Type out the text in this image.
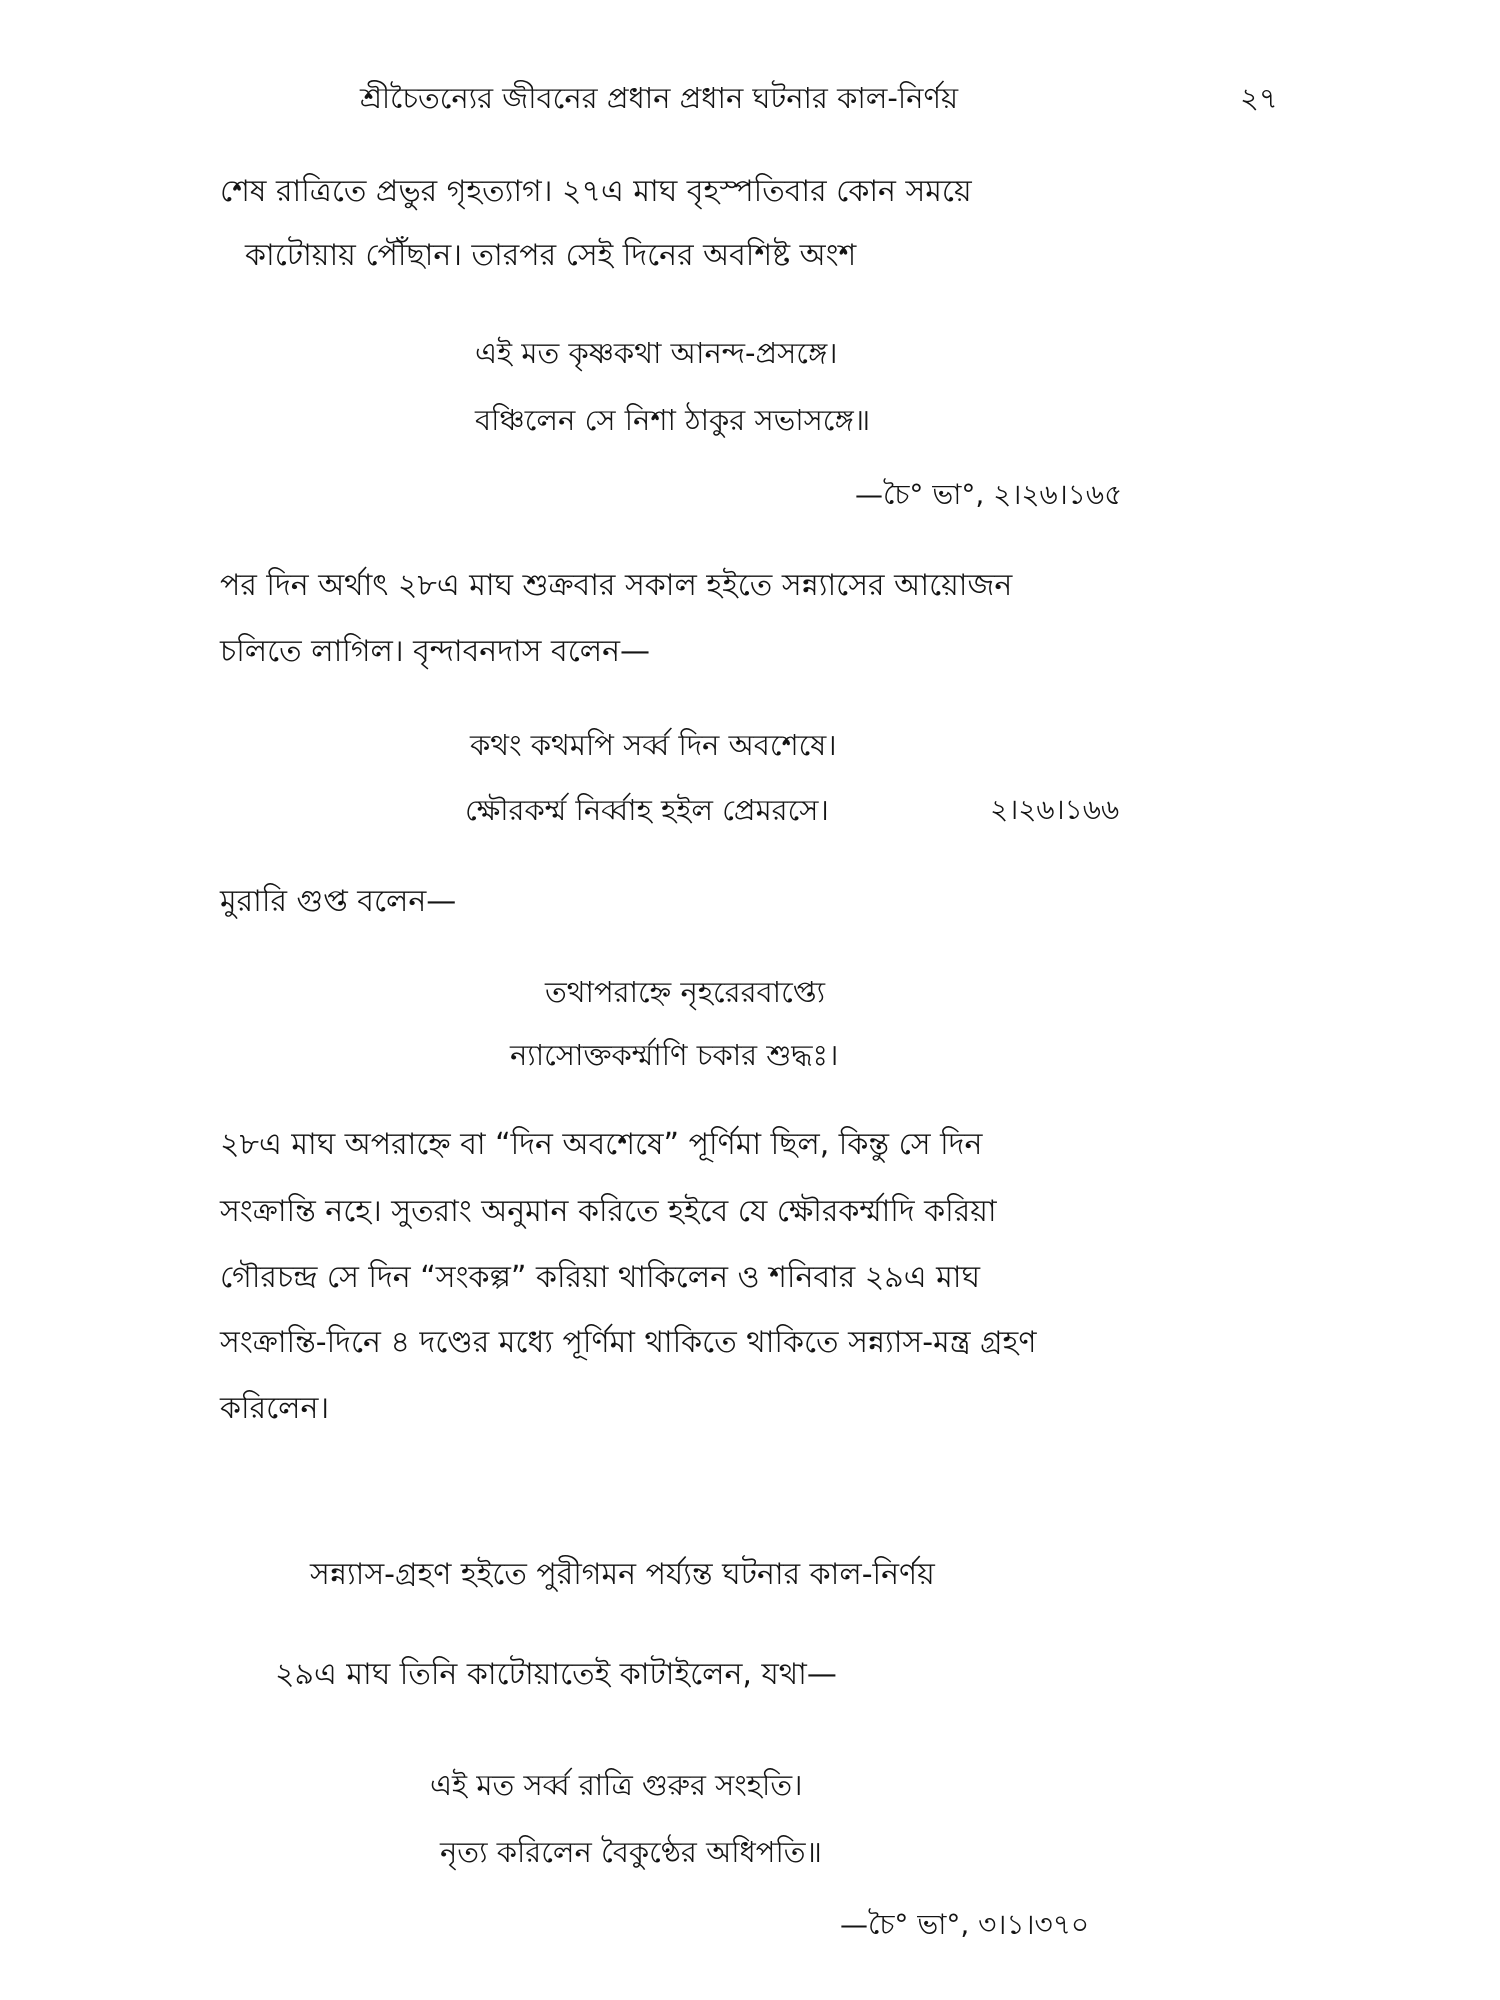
শ্রীচৈতন্যের জীবনের প্রধান প্রধান ঘটনার কাল-নির্ণয়	২৭
শেষ রাত্রিতে প্রভুর গৃহত্যাগ। ২৭এ মাঘ বৃহস্পতিবার কোন সময়ে
কাটোয়ায় পৌঁছান। তারপর সেই দিনের অবশিষ্ট অংশ
এই মত কৃষ্ণকথা আনন্দ-প্রসঙ্গে।
বঞ্চিলেন সে নিশা ঠাকুর সভাসঙ্গে॥
—চৈ° ভা°, ২।২৬।১৬৫
পর দিন অর্থাৎ ২৮এ মাঘ শুক্রবার সকাল হইতে সন্ন্যাসের আয়োজন
চলিতে লাগিল। বৃন্দাবনদাস বলেন—
কথং কথমপি সর্ব্ব দিন অবশেষে।
ক্ষৌরকর্ম্ম নির্ব্বাহ হইল প্রেমরসে।	২।২৬।১৬৬
মুরারি গুপ্ত বলেন—
তথাপরাহ্নে নৃহরেরবাপ্ত্যে
ন্যাসোক্তকর্ম্মাণি চকার শুদ্ধঃ।
২৮এ মাঘ অপরাহ্নে বা “দিন অবশেষে” পূর্ণিমা ছিল, কিন্তু সে দিন
সংক্রান্তি নহে। সুতরাং অনুমান করিতে হইবে যে ক্ষৌরকর্ম্মাদি করিয়া
গৌরচন্দ্র সে দিন “সংকল্প” করিয়া থাকিলেন ও শনিবার ২৯এ মাঘ
সংক্রান্তি-দিনে ৪ দণ্ডের মধ্যে পূর্ণিমা থাকিতে থাকিতে সন্ন্যাস-মন্ত্র গ্রহণ
করিলেন।
সন্ন্যাস-গ্রহণ হইতে পুরীগমন পর্য্যন্ত ঘটনার কাল-নির্ণয়
২৯এ মাঘ তিনি কাটোয়াতেই কাটাইলেন, যথা—
এই মত সর্ব্ব রাত্রি গুরুর সংহতি।
নৃত্য করিলেন বৈকুণ্ঠের অধিপতি॥
—চৈ° ভা°, ৩।১।৩৭০
